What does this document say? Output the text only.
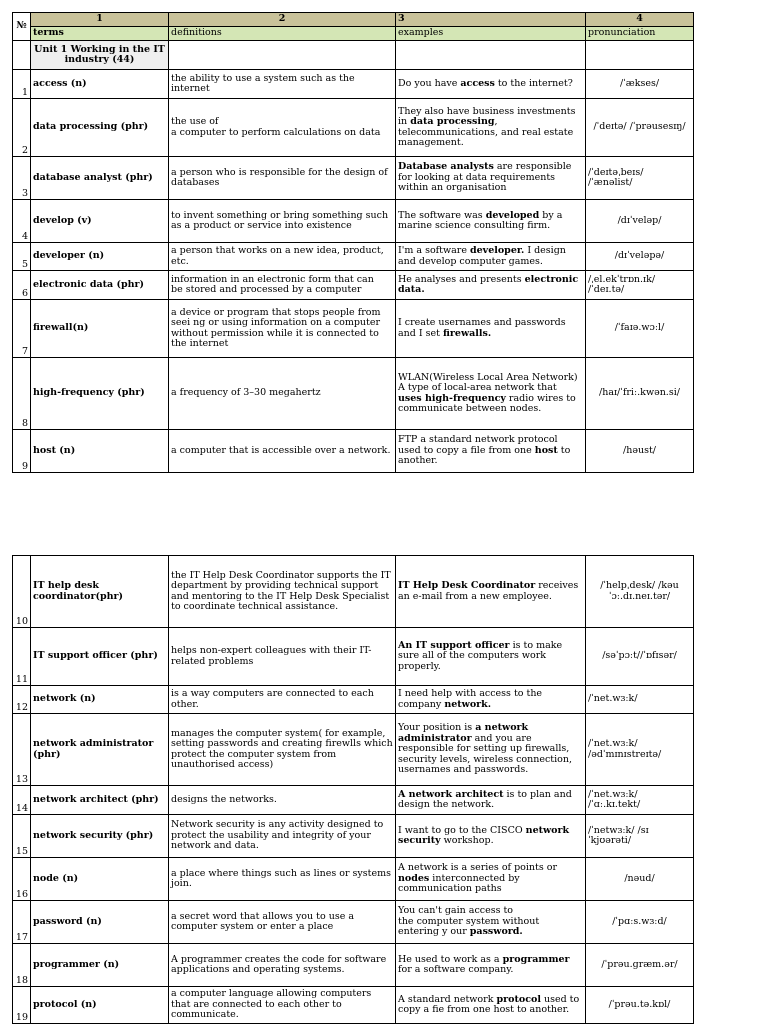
№	1	2	3	4
	terms	definitions	examples	pronunciation
	Unit 1 Working in the IT industry (44)			
1	access (n)	the ability to use a system such as the internet	Do you have access to the internet?	/ˈækses/
2	data processing (phr)	the use of
a computer to perform calculations on data	They also have business investments in data processing, telecommunications, and real estate management.	/ˈdeɪtə/ /ˈprəusesɪŋ/
3	database analyst (phr)	a person who is responsible for the design of databases	Database analysts are responsible for looking at data requirements within an organisation	/ˈdeɪtəˌbeɪs/
/ˈænəlist/
4	develop (v)	to invent something or bring something such as a product or service into existence	The software was developed by a marine science consulting firm.	/dɪˈveləp/
5	developer (n)	a person that works on a new idea, product, etc.	I'm a software developer. I design and develop computer games.	/dɪˈveləpə/
6	electronic data (phr)	information in an electronic form that can
be stored and processed by a computer	He analyses and presents electronic data.	/ˌel.ekˈtrɒn.ɪk/
/ˈdeɪ.tə/
7	firewall(n)	a device or program that stops people from seei ng or using information on a computer without permission while it is connected to the internet	I create usernames and passwords and I set firewalls.	/ˈfaɪə.wɔːl/
8	high-frequency (phr)	a frequency of 3–30 megahertz	WLAN(Wireless Local Area Network) A type of local-area network that uses high-frequency radio wires to communicate between nodes.	/haɪ/ˈfriː.kwən.si/
9	host (n)	a computer that is accessible over a network.	FTP a standard network protocol used to copy a file from one host to another.	/həust/
10	IT help desk coordinator(phr)	the IT Help Desk Coordinator supports the IT department by providing technical support and mentoring to the IT Help Desk Specialist to coordinate technical assistance.	IT Help Desk Coordinator receives an e-mail from a new employee.	/ˈhelpˌdesk/ /kəu
ˈɔː.dɪ.neɪ.tər/
11	IT support officer (phr)	helps non-expert colleagues with their IT-related problems	An IT support officer is to make sure all of the computers work properly.	/səˈpɔːt//ˈɒfɪsər/
12	network (n)	is a way computers are connected to each other.	I need help with access to the company network.	/ˈnet.wɜːk/
13	network administrator (phr)	manages the computer system( for example, setting passwords and creating firewlls which protect the computer system from unauthorised access)	Your position is a network administrator and you are responsible for setting up firewalls, security levels, wireless connection, usernames and passwords.	/ˈnet.wɜːk/
/ədˈmɪnɪstreɪtə/
14	network architect (phr)	designs the networks.	A network architect is to plan and design the network.	/ˈnet.wɜːk/
/ˈɑː.kɪ.tekt/
15	network security (phr)	Network security is any activity designed to protect the usability and integrity of your network and data.	I want to go to the CISCO network security workshop.	/ˈnetwɜːk/ /sɪ
ˈkjʊərəti/
16	node (n)	a place where things such as lines or systems join.	A network is a series of points or nodes interconnected by communication paths	/nəud/
17	password (n)	a secret word that allows you to use a computer system or enter a place	You can't gain access to
the computer system without entering y our password.	/ˈpɑːs.wɜːd/
18	programmer (n)	A programmer creates the code for software applications and operating systems.	He used to work as a programmer for a software company.	/ˈprəu.græm.ər/
19	protocol (n)	a computer language allowing computers that are connected to each other to communicate.	A standard network protocol used to copy a fie from one host to another.	/ˈprəu.tə.kɒl/
